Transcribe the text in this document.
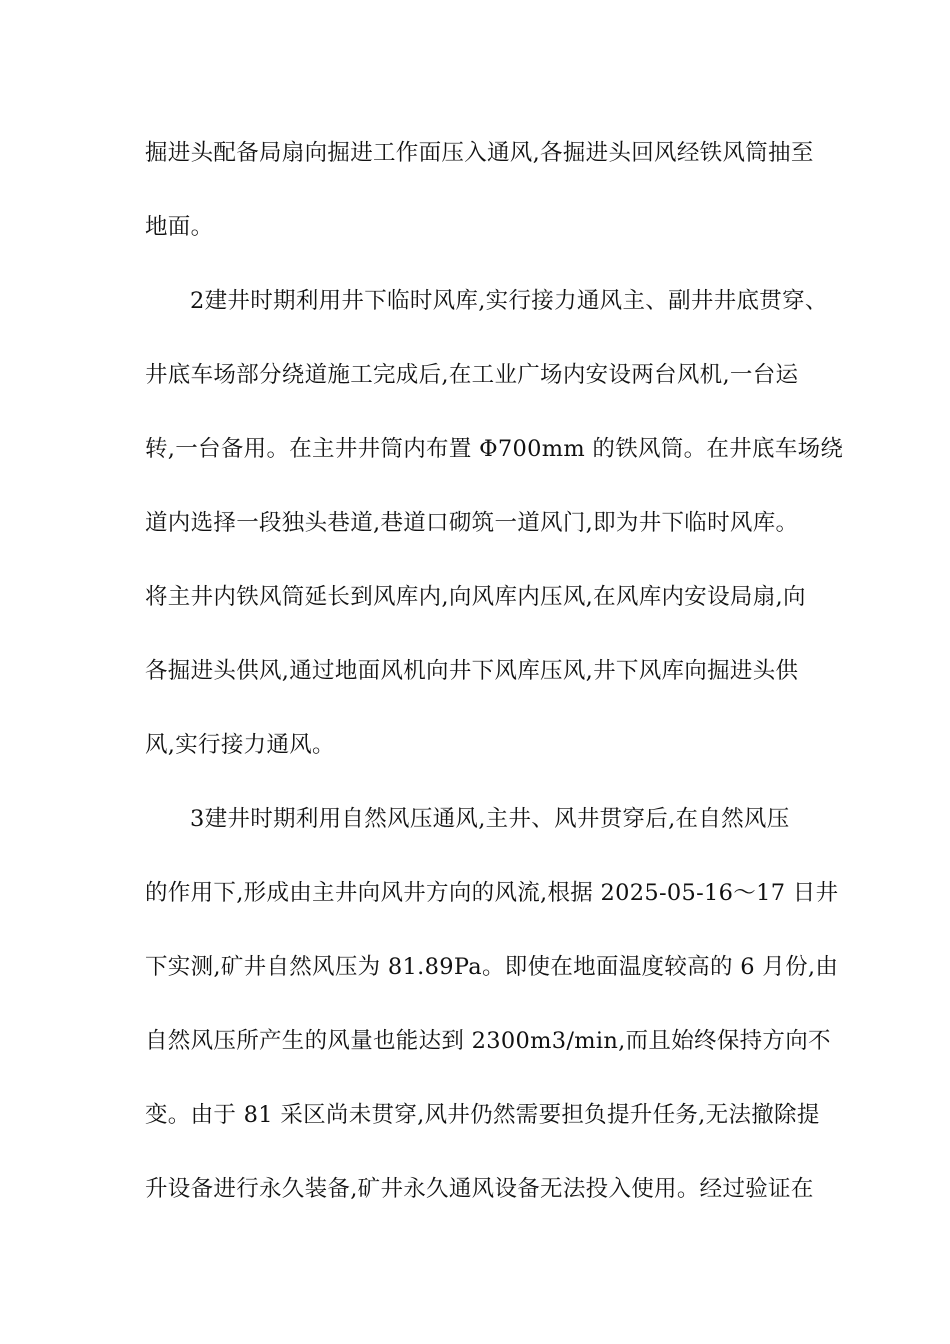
掘进头配备局扇向掘进工作面压入通风,各掘进头回风经铁风筒抽至
地面。
2建井时期利用井下临时风库,实行接力通风主、副井井底贯穿、
井底车场部分绕道施工完成后,在工业广场内安设两台风机,一台运
转,一台备用。在主井井筒内布置 Φ700mm 的铁风筒。在井底车场绕
道内选择一段独头巷道,巷道口砌筑一道风门,即为井下临时风库。
将主井内铁风筒延长到风库内,向风库内压风,在风库内安设局扇,向
各掘进头供风,通过地面风机向井下风库压风,井下风库向掘进头供
风,实行接力通风。
3建井时期利用自然风压通风,主井、风井贯穿后,在自然风压
的作用下,形成由主井向风井方向的风流,根据 2025-05-16～17 日井
下实测,矿井自然风压为 81.89Pa。即使在地面温度较高的 6 月份,由
自然风压所产生的风量也能达到 2300m3/min,而且始终保持方向不
变。由于 81 采区尚未贯穿,风井仍然需要担负提升任务,无法撤除提
升设备进行永久装备,矿井永久通风设备无法投入使用。经过验证在
